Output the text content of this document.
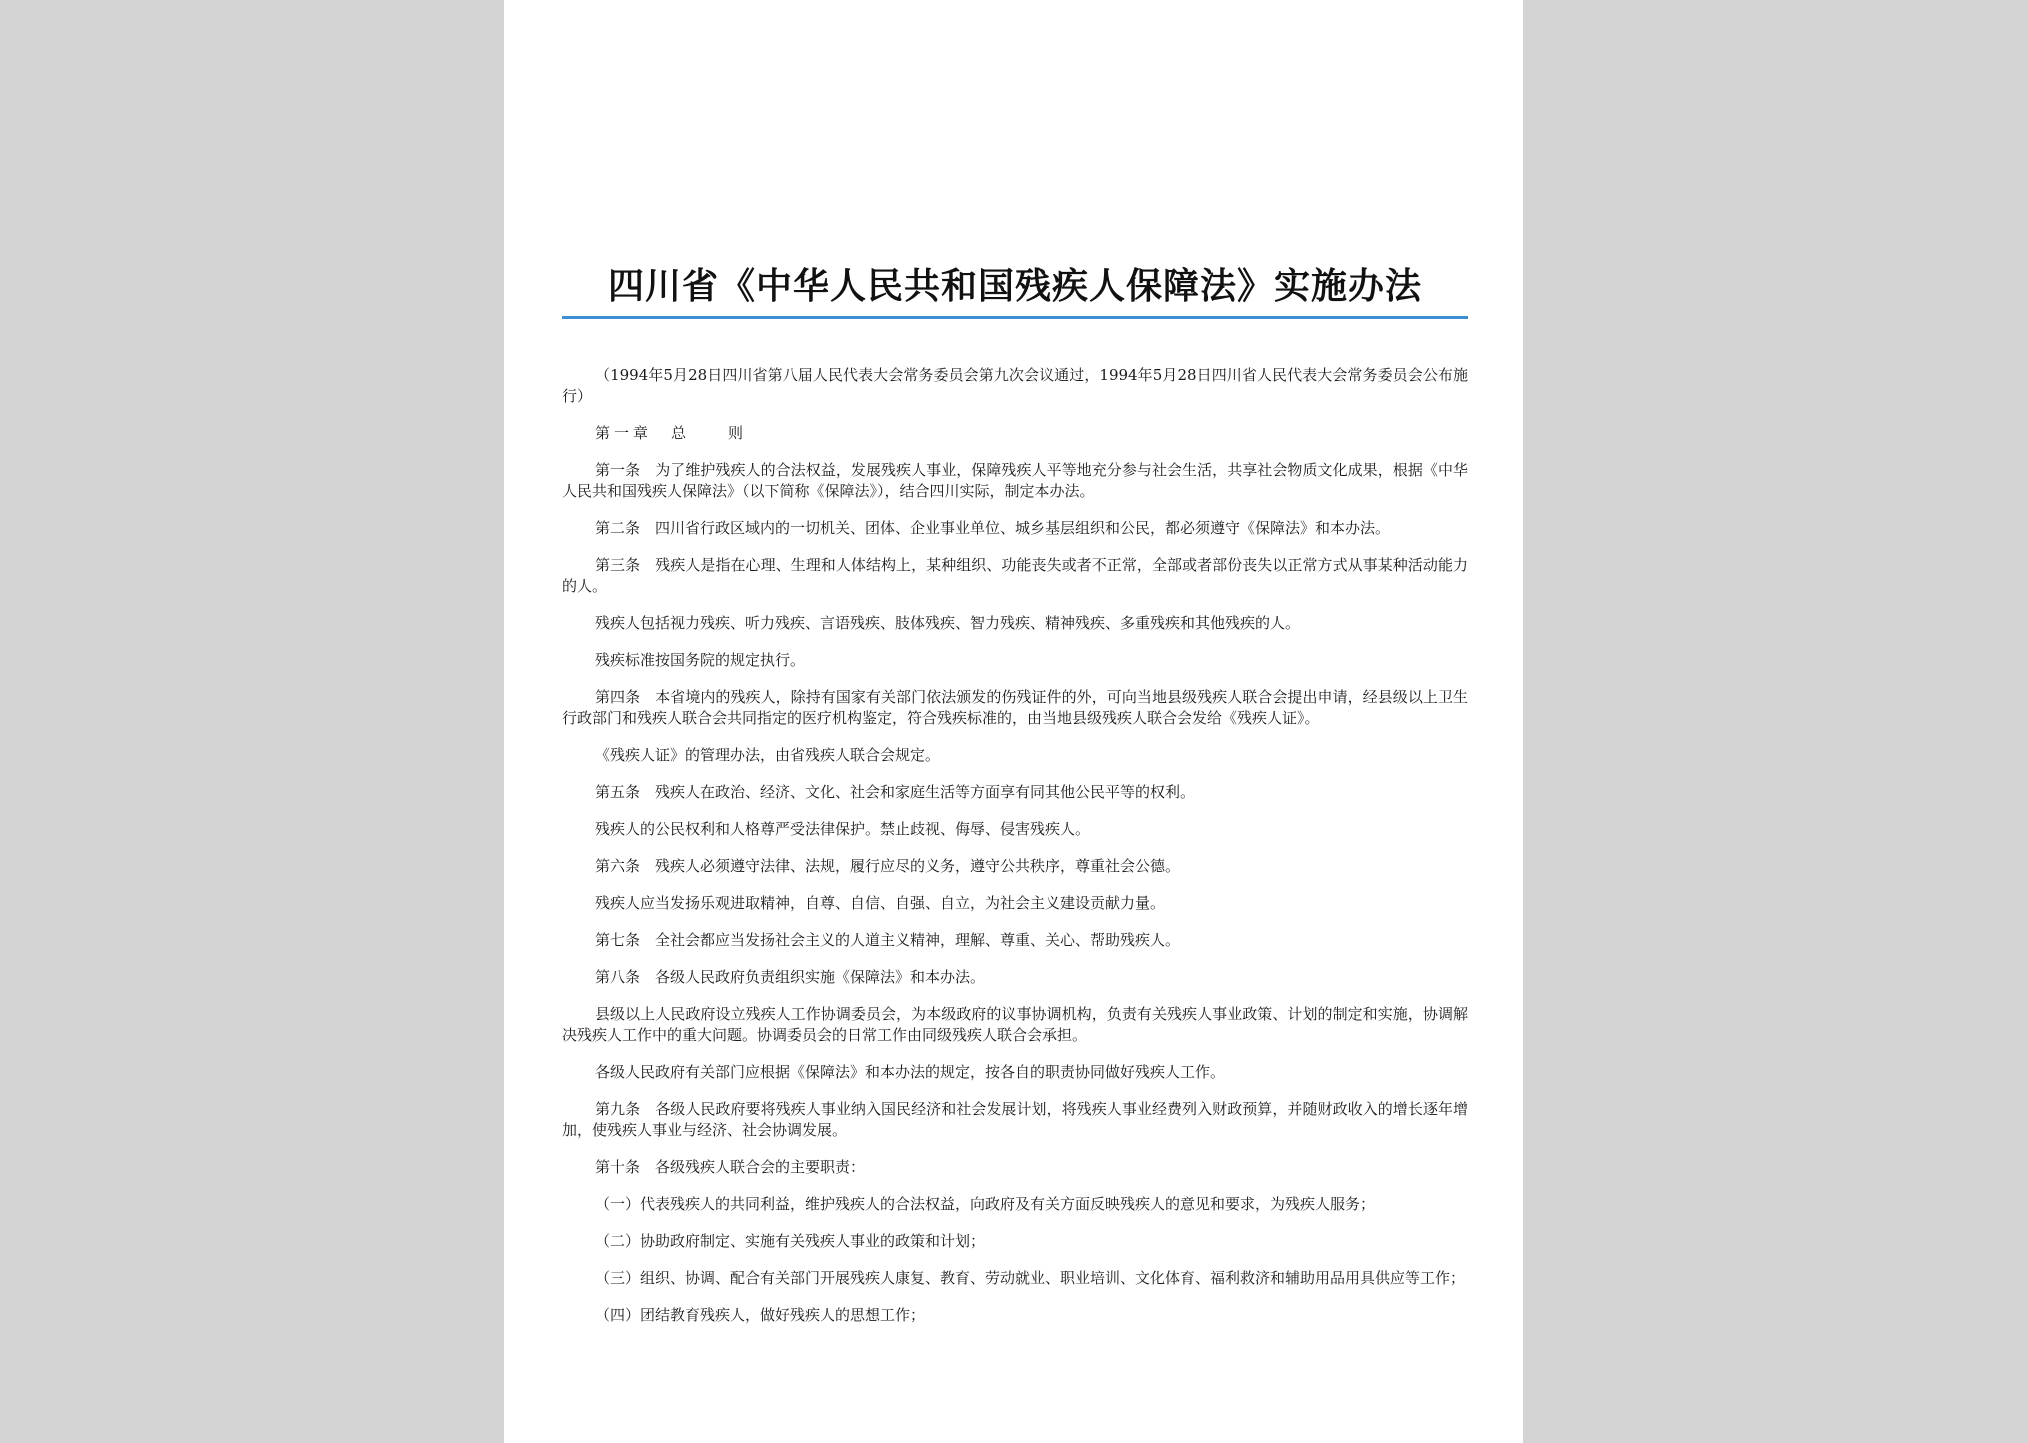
四川省《中华人民共和国残疾人保障法》实施办法

（1994年5月28日四川省第八届人民代表大会常务委员会第九次会议通过，1994年5月28日四川省人民代表大会常务委员会公布施行）

第一章　总　　则

第一条　为了维护残疾人的合法权益，发展残疾人事业，保障残疾人平等地充分参与社会生活，共享社会物质文化成果，根据《中华人民共和国残疾人保障法》（以下简称《保障法》），结合四川实际，制定本办法。

第二条　四川省行政区域内的一切机关、团体、企业事业单位、城乡基层组织和公民，都必须遵守《保障法》和本办法。

第三条　残疾人是指在心理、生理和人体结构上，某种组织、功能丧失或者不正常，全部或者部份丧失以正常方式从事某种活动能力的人。

残疾人包括视力残疾、听力残疾、言语残疾、肢体残疾、智力残疾、精神残疾、多重残疾和其他残疾的人。

残疾标准按国务院的规定执行。

第四条　本省境内的残疾人，除持有国家有关部门依法颁发的伤残证件的外，可向当地县级残疾人联合会提出申请，经县级以上卫生行政部门和残疾人联合会共同指定的医疗机构鉴定，符合残疾标准的，由当地县级残疾人联合会发给《残疾人证》。

《残疾人证》的管理办法，由省残疾人联合会规定。

第五条　残疾人在政治、经济、文化、社会和家庭生活等方面享有同其他公民平等的权利。

残疾人的公民权利和人格尊严受法律保护。禁止歧视、侮辱、侵害残疾人。

第六条　残疾人必须遵守法律、法规，履行应尽的义务，遵守公共秩序，尊重社会公德。

残疾人应当发扬乐观进取精神，自尊、自信、自强、自立，为社会主义建设贡献力量。

第七条　全社会都应当发扬社会主义的人道主义精神，理解、尊重、关心、帮助残疾人。

第八条　各级人民政府负责组织实施《保障法》和本办法。

县级以上人民政府设立残疾人工作协调委员会，为本级政府的议事协调机构，负责有关残疾人事业政策、计划的制定和实施，协调解决残疾人工作中的重大问题。协调委员会的日常工作由同级残疾人联合会承担。

各级人民政府有关部门应根据《保障法》和本办法的规定，按各自的职责协同做好残疾人工作。

第九条　各级人民政府要将残疾人事业纳入国民经济和社会发展计划，将残疾人事业经费列入财政预算，并随财政收入的增长逐年增加，使残疾人事业与经济、社会协调发展。

第十条　各级残疾人联合会的主要职责：

（一）代表残疾人的共同利益，维护残疾人的合法权益，向政府及有关方面反映残疾人的意见和要求，为残疾人服务；

（二）协助政府制定、实施有关残疾人事业的政策和计划；

（三）组织、协调、配合有关部门开展残疾人康复、教育、劳动就业、职业培训、文化体育、福利救济和辅助用品用具供应等工作；

（四）团结教育残疾人，做好残疾人的思想工作；
